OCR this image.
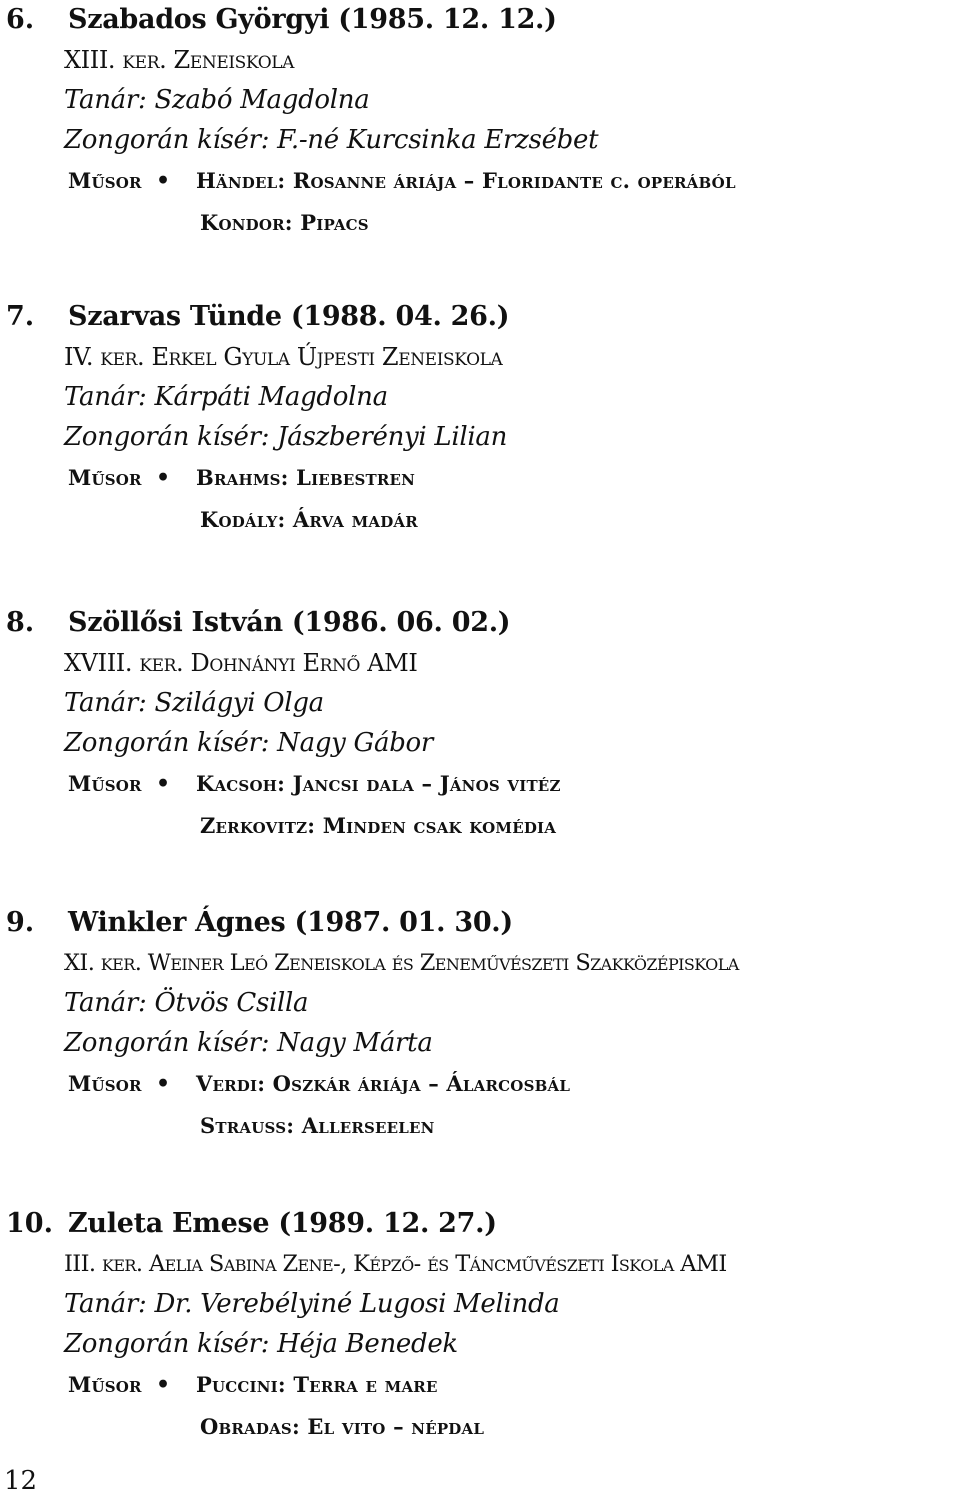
6. Szabados Györgyi (1985. 12. 12.)
XIII. ker. Zeneiskola
Tanár: Szabó Magdolna
Zongorán kísér: F.-né Kurcsinka Erzsébet
Műsor • Händel: Rosanne áriája – Floridante c. operából
Kondor: Pipacs
7. Szarvas Tünde (1988. 04. 26.)
IV. ker. Erkel Gyula Újpesti Zeneiskola
Tanár: Kárpáti Magdolna
Zongorán kísér: Jászberényi Lilian
Műsor • Brahms: Liebestren
Kodály: Árva madár
8. Szöllősi István (1986. 06. 02.)
XVIII. ker. Dohnányi Ernő AMI
Tanár: Szilágyi Olga
Zongorán kísér: Nagy Gábor
Műsor • Kacsoh: Jancsi dala – János vitéz
Zerkovitz: Minden csak komédia
9. Winkler Ágnes (1987. 01. 30.)
XI. ker. Weiner Leó Zeneiskola és Zeneművészeti Szakközépiskola
Tanár: Ötvös Csilla
Zongorán kísér: Nagy Márta
Műsor • Verdi: Oszkár áriája – Álarcosbál
Strauss: Allerseelen
10. Zuleta Emese (1989. 12. 27.)
III. ker. Aelia Sabina Zene-, Képző- és Táncművészeti Iskola AMI
Tanár: Dr. Verebélyiné Lugosi Melinda
Zongorán kísér: Héja Benedek
Műsor • Puccini: Terra e mare
Obradas: El vito – népdal
12
